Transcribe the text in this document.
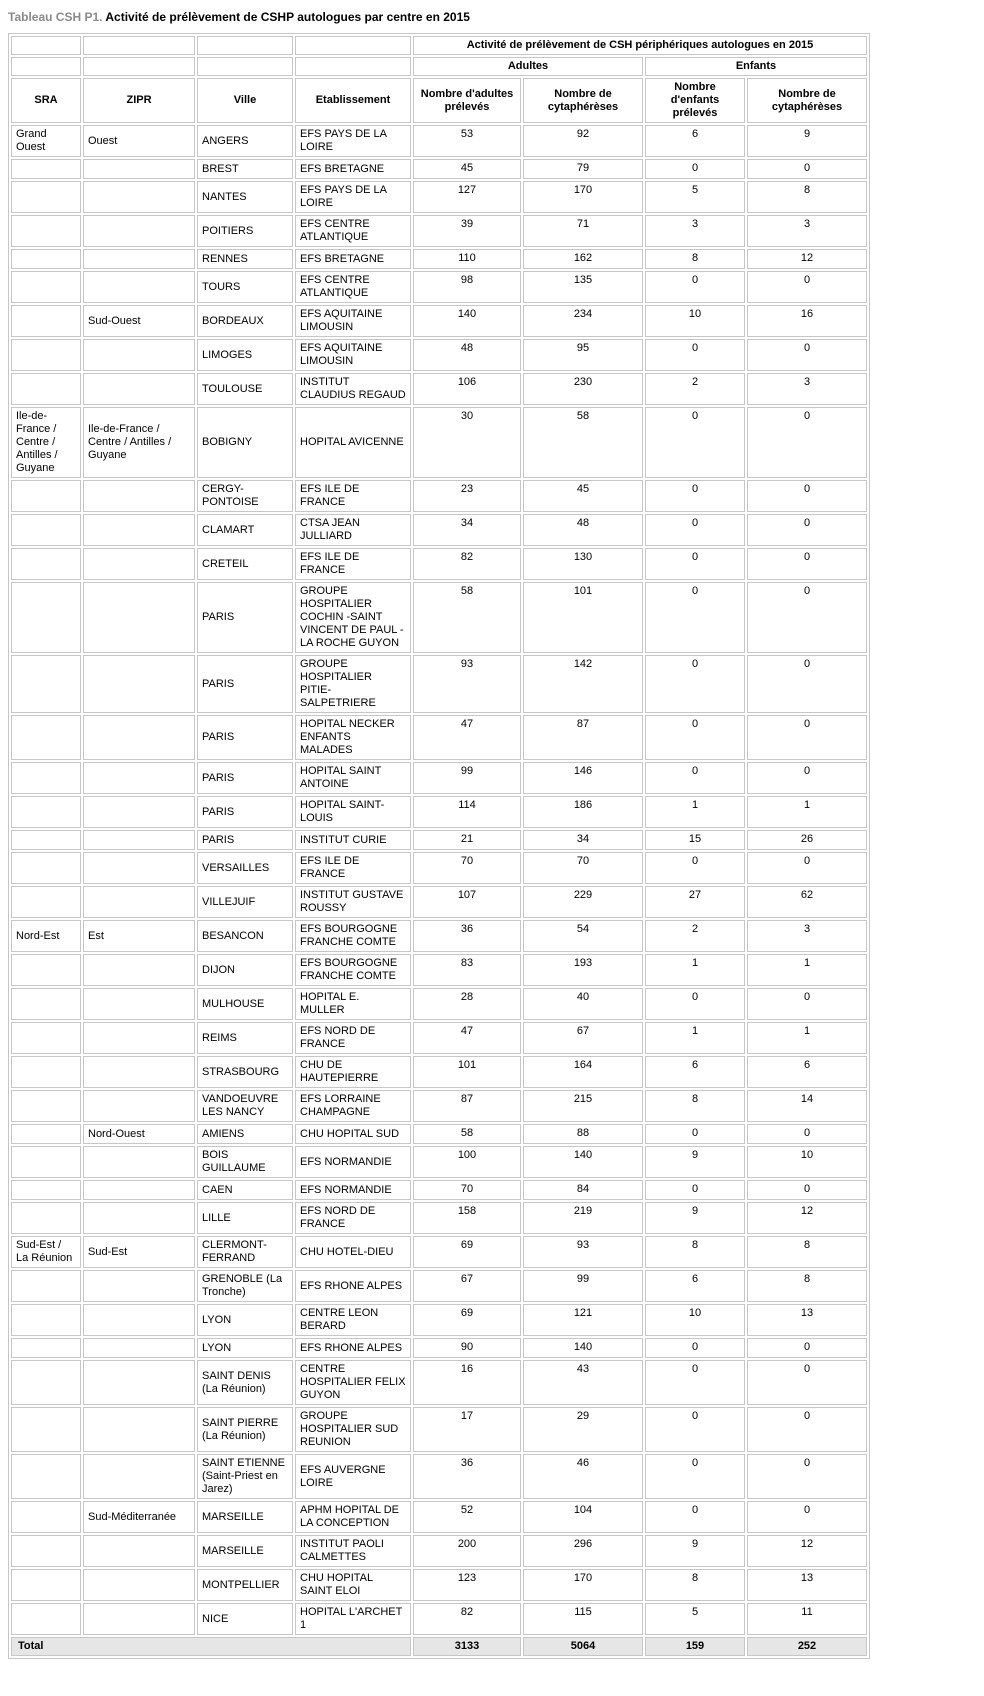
Tableau CSH P1. Activité de prélèvement de CSHP autologues par centre en 2015
				Activité de prélèvement de CSH périphériques autologues en 2015			
				Adultes		Enfants	
SRA	ZIPR	Ville	Etablissement	Nombre d'adultes prélevés	Nombre de cytaphérèses	Nombre d'enfants prélevés	Nombre de cytaphérèses
Grand Ouest	Ouest	ANGERS	EFS PAYS DE LA LOIRE	53	92	6	9
		BREST	EFS BRETAGNE	45	79	0	0
		NANTES	EFS PAYS DE LA LOIRE	127	170	5	8
		POITIERS	EFS CENTRE ATLANTIQUE	39	71	3	3
		RENNES	EFS BRETAGNE	110	162	8	12
		TOURS	EFS CENTRE ATLANTIQUE	98	135	0	0
	Sud-Ouest	BORDEAUX	EFS AQUITAINE LIMOUSIN	140	234	10	16
		LIMOGES	EFS AQUITAINE LIMOUSIN	48	95	0	0
		TOULOUSE	INSTITUT CLAUDIUS REGAUD	106	230	2	3
Ile-de-France / Centre / Antilles / Guyane	Ile-de-France / Centre / Antilles / Guyane	BOBIGNY	HOPITAL AVICENNE	30	58	0	0
		CERGY-PONTOISE	EFS ILE DE FRANCE	23	45	0	0
		CLAMART	CTSA JEAN JULLIARD	34	48	0	0
		CRETEIL	EFS ILE DE FRANCE	82	130	0	0
		PARIS	GROUPE HOSPITALIER COCHIN -SAINT VINCENT DE PAUL - LA ROCHE GUYON	58	101	0	0
		PARIS	GROUPE HOSPITALIER PITIE-SALPETRIERE	93	142	0	0
		PARIS	HOPITAL NECKER ENFANTS MALADES	47	87	0	0
		PARIS	HOPITAL SAINT ANTOINE	99	146	0	0
		PARIS	HOPITAL SAINT-LOUIS	114	186	1	1
		PARIS	INSTITUT CURIE	21	34	15	26
		VERSAILLES	EFS ILE DE FRANCE	70	70	0	0
		VILLEJUIF	INSTITUT GUSTAVE ROUSSY	107	229	27	62
Nord-Est	Est	BESANCON	EFS BOURGOGNE FRANCHE COMTE	36	54	2	3
		DIJON	EFS BOURGOGNE FRANCHE COMTE	83	193	1	1
		MULHOUSE	HOPITAL E. MULLER	28	40	0	0
		REIMS	EFS NORD DE FRANCE	47	67	1	1
		STRASBOURG	CHU DE HAUTEPIERRE	101	164	6	6
		VANDOEUVRE LES NANCY	EFS LORRAINE CHAMPAGNE	87	215	8	14
	Nord-Ouest	AMIENS	CHU HOPITAL SUD	58	88	0	0
		BOIS GUILLAUME	EFS NORMANDIE	100	140	9	10
		CAEN	EFS NORMANDIE	70	84	0	0
		LILLE	EFS NORD DE FRANCE	158	219	9	12
Sud-Est / La Réunion	Sud-Est	CLERMONT-FERRAND	CHU HOTEL-DIEU	69	93	8	8
		GRENOBLE (La Tronche)	EFS RHONE ALPES	67	99	6	8
		LYON	CENTRE LEON BERARD	69	121	10	13
		LYON	EFS RHONE ALPES	90	140	0	0
		SAINT DENIS (La Réunion)	CENTRE HOSPITALIER FELIX GUYON	16	43	0	0
		SAINT PIERRE (La Réunion)	GROUPE HOSPITALIER SUD REUNION	17	29	0	0
		SAINT ETIENNE (Saint-Priest en Jarez)	EFS AUVERGNE LOIRE	36	46	0	0
	Sud-Méditerranée	MARSEILLE	APHM HOPITAL DE LA CONCEPTION	52	104	0	0
		MARSEILLE	INSTITUT PAOLI CALMETTES	200	296	9	12
		MONTPELLIER	CHU HOPITAL SAINT ELOI	123	170	8	13
		NICE	HOPITAL L'ARCHET 1	82	115	5	11
Total				3133	5064	159	252
